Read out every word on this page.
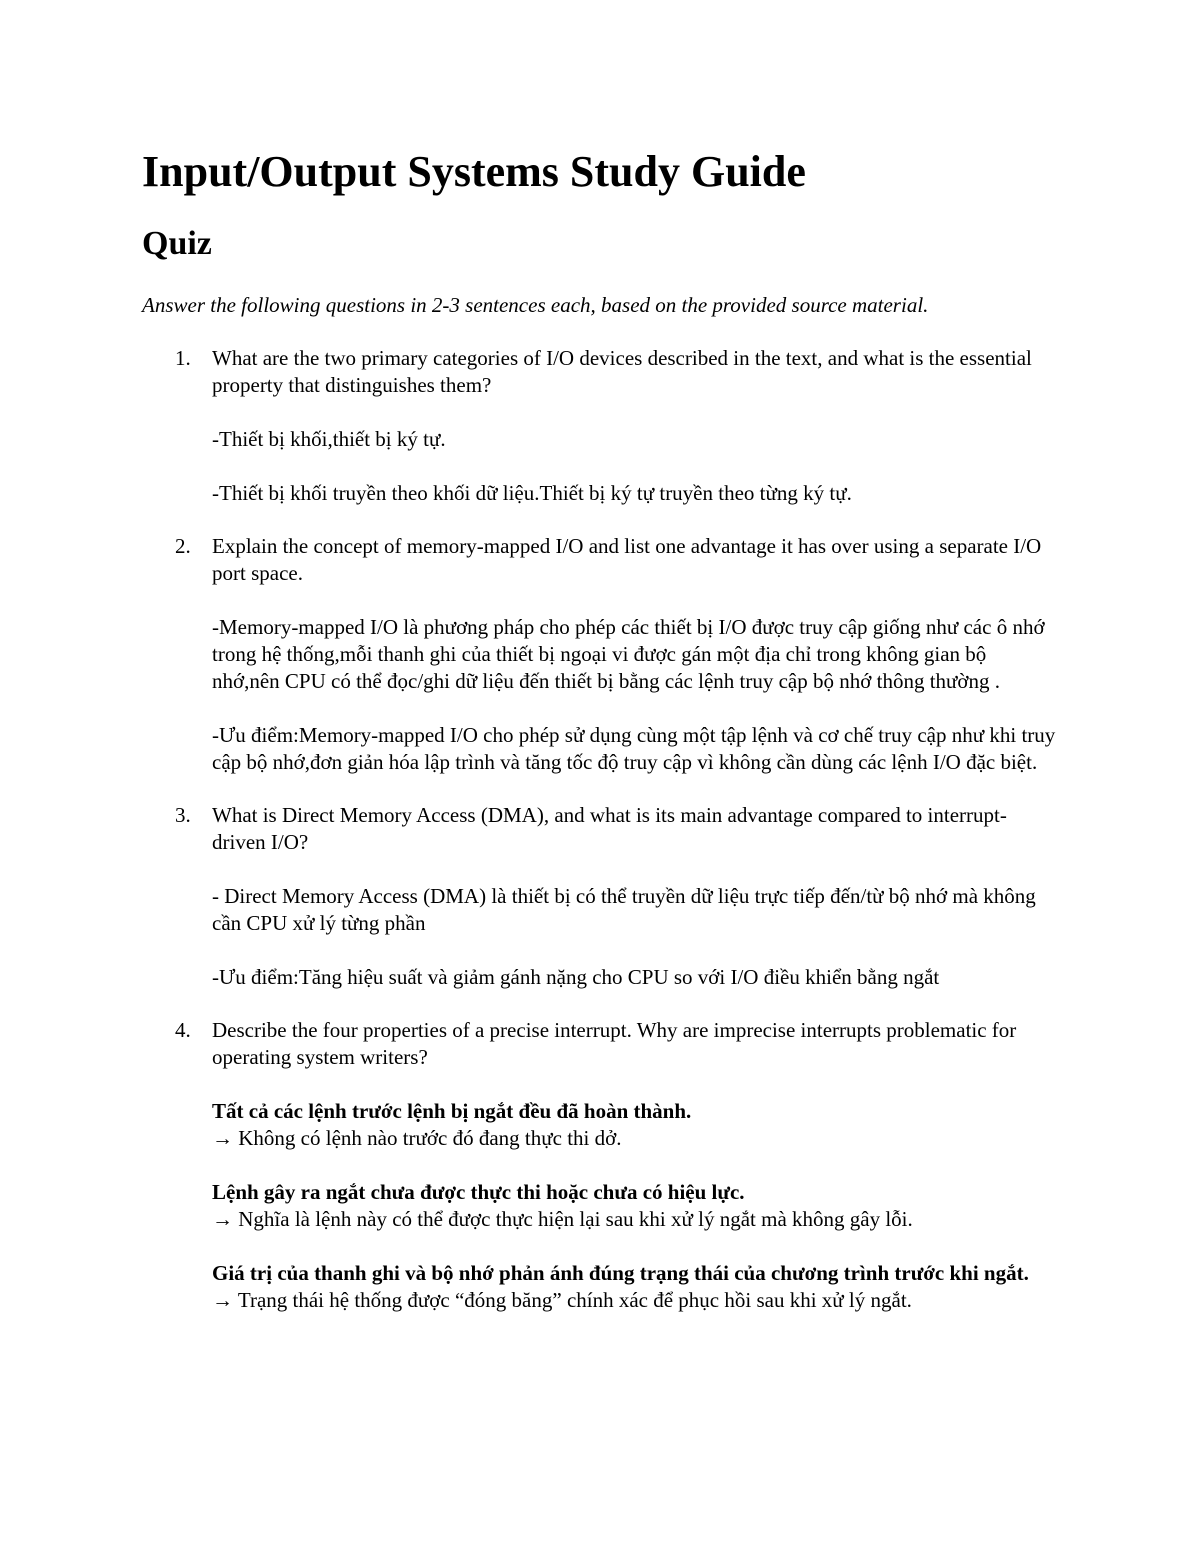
Input/Output Systems Study Guide
Quiz

Answer the following questions in 2-3 sentences each, based on the provided source material.

1. What are the two primary categories of I/O devices described in the text, and what is the essential property that distinguishes them?

-Thiết bị khối,thiết bị ký tự.

-Thiết bị khối truyền theo khối dữ liệu.Thiết bị ký tự truyền theo từng ký tự.

2. Explain the concept of memory-mapped I/O and list one advantage it has over using a separate I/O port space.

-Memory-mapped I/O là phương pháp cho phép các thiết bị I/O được truy cập giống như các ô nhớ trong hệ thống,mỗi thanh ghi của thiết bị ngoại vi được gán một địa chỉ trong không gian bộ nhớ,nên CPU có thể đọc/ghi dữ liệu đến thiết bị bằng các lệnh truy cập bộ nhớ thông thường .

-Ưu điểm:Memory-mapped I/O cho phép sử dụng cùng một tập lệnh và cơ chế truy cập như khi truy cập bộ nhớ,đơn giản hóa lập trình và tăng tốc độ truy cập vì không cần dùng các lệnh I/O đặc biệt.

3. What is Direct Memory Access (DMA), and what is its main advantage compared to interrupt-driven I/O?

- Direct Memory Access (DMA) là thiết bị có thể truyền dữ liệu trực tiếp đến/từ bộ nhớ mà không cần CPU xử lý từng phần

-Ưu điểm:Tăng hiệu suất và giảm gánh nặng cho CPU so với I/O điều khiển bằng ngắt

4. Describe the four properties of a precise interrupt. Why are imprecise interrupts problematic for operating system writers?

Tất cả các lệnh trước lệnh bị ngắt đều đã hoàn thành.
→ Không có lệnh nào trước đó đang thực thi dở.

Lệnh gây ra ngắt chưa được thực thi hoặc chưa có hiệu lực.
→ Nghĩa là lệnh này có thể được thực hiện lại sau khi xử lý ngắt mà không gây lỗi.

Giá trị của thanh ghi và bộ nhớ phản ánh đúng trạng thái của chương trình trước khi ngắt.
→ Trạng thái hệ thống được “đóng băng” chính xác để phục hồi sau khi xử lý ngắt.
